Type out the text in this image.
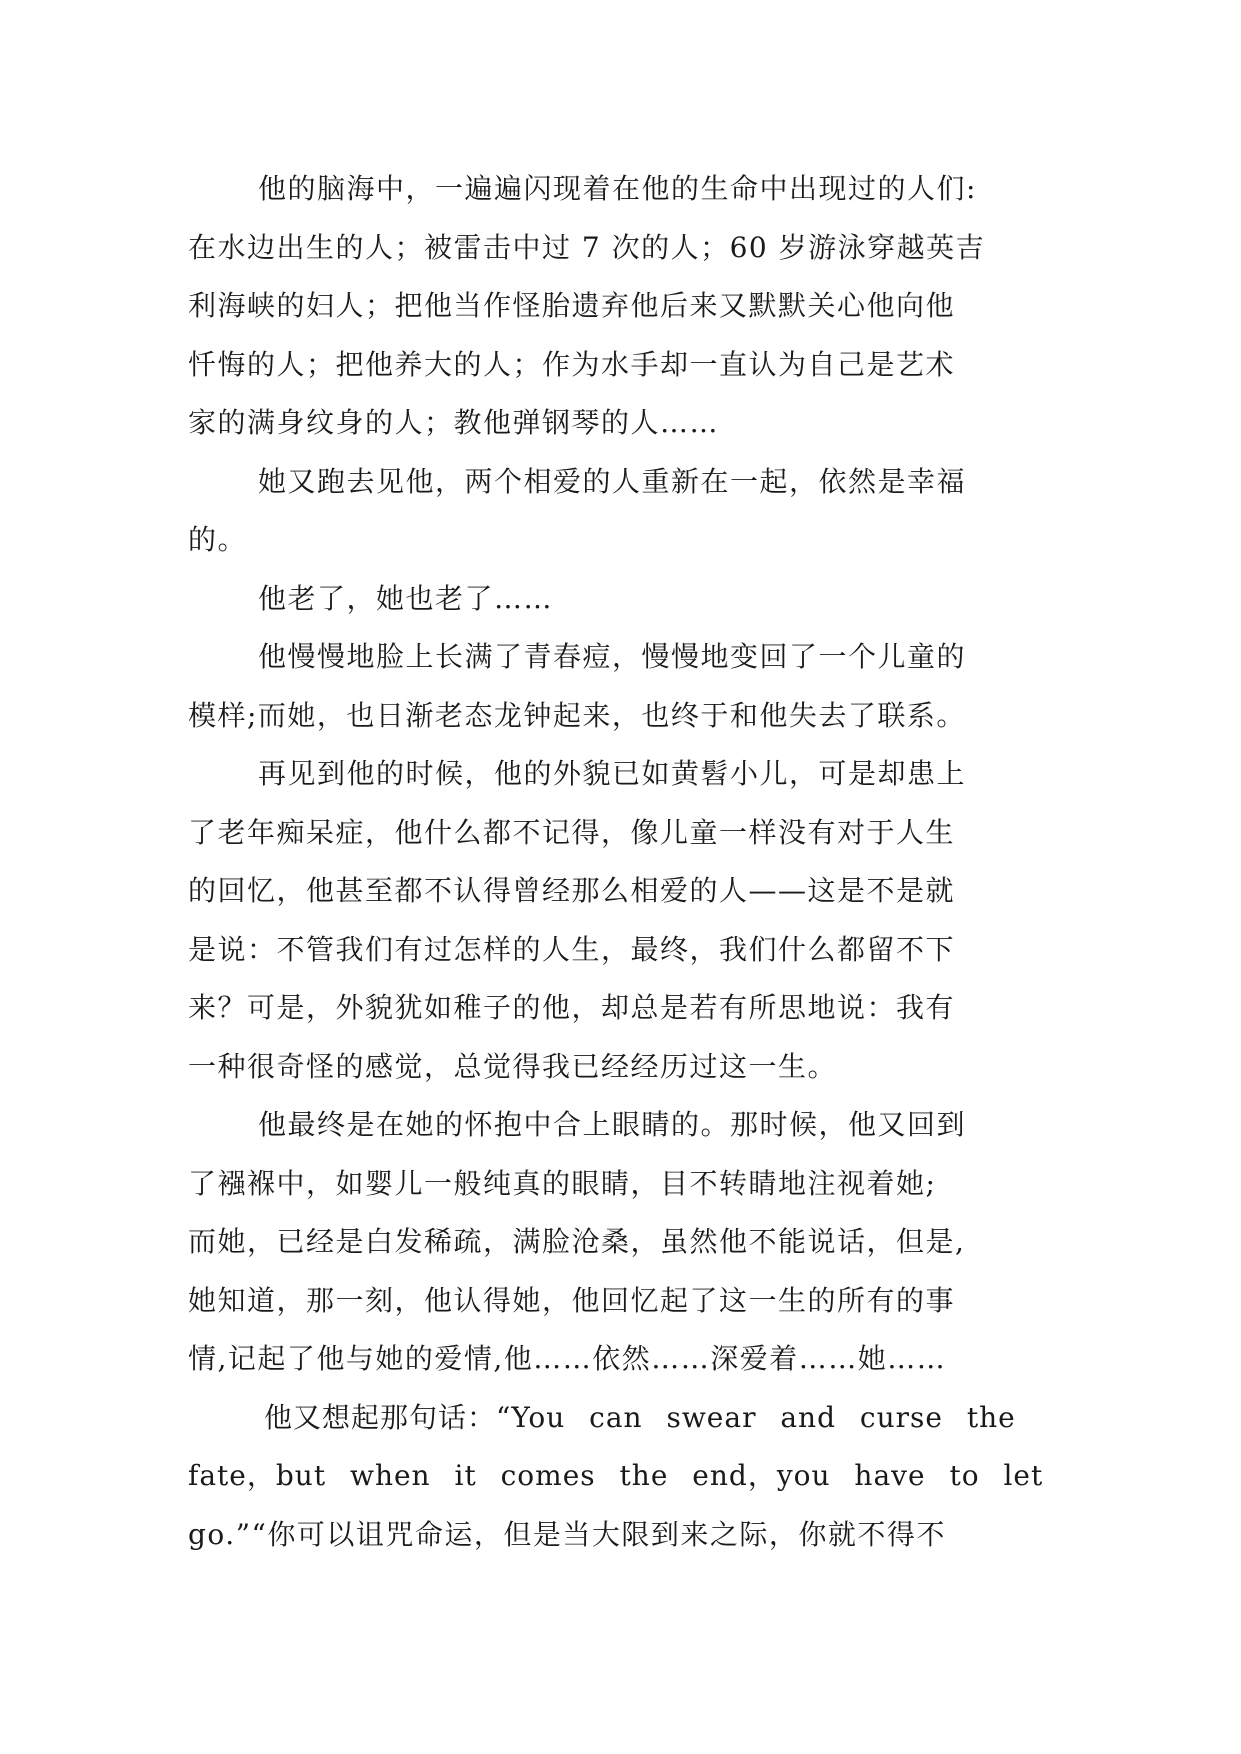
他的脑海中，一遍遍闪现着在他的生命中出现过的人们:
在水边出生的人；被雷击中过 7 次的人；60 岁游泳穿越英吉
利海峡的妇人；把他当作怪胎遗弃他后来又默默关心他向他
忏悔的人；把他养大的人；作为水手却一直认为自己是艺术
家的满身纹身的人；教他弹钢琴的人……
她又跑去见他，两个相爱的人重新在一起，依然是幸福
的。
他老了，她也老了……
他慢慢地脸上长满了青春痘，慢慢地变回了一个儿童的
模样;而她，也日渐老态龙钟起来，也终于和他失去了联系。
再见到他的时候，他的外貌已如黄髫小儿，可是却患上
了老年痴呆症，他什么都不记得，像儿童一样没有对于人生
的回忆，他甚至都不认得曾经那么相爱的人——这是不是就
是说：不管我们有过怎样的人生，最终，我们什么都留不下
来？可是，外貌犹如稚子的他，却总是若有所思地说：我有
一种很奇怪的感觉，总觉得我已经经历过这一生。
他最终是在她的怀抱中合上眼睛的。那时候，他又回到
了襁褓中，如婴儿一般纯真的眼睛，目不转睛地注视着她;
而她，已经是白发稀疏，满脸沧桑，虽然他不能说话，但是,
她知道，那一刻，他认得她，他回忆起了这一生的所有的事
情,记起了他与她的爱情,他……依然……深爱着……她……
他又想起那句话：“You can swear and curse the
fate，but when it comes the end，you have to let
go.”“你可以诅咒命运，但是当大限到来之际，你就不得不
